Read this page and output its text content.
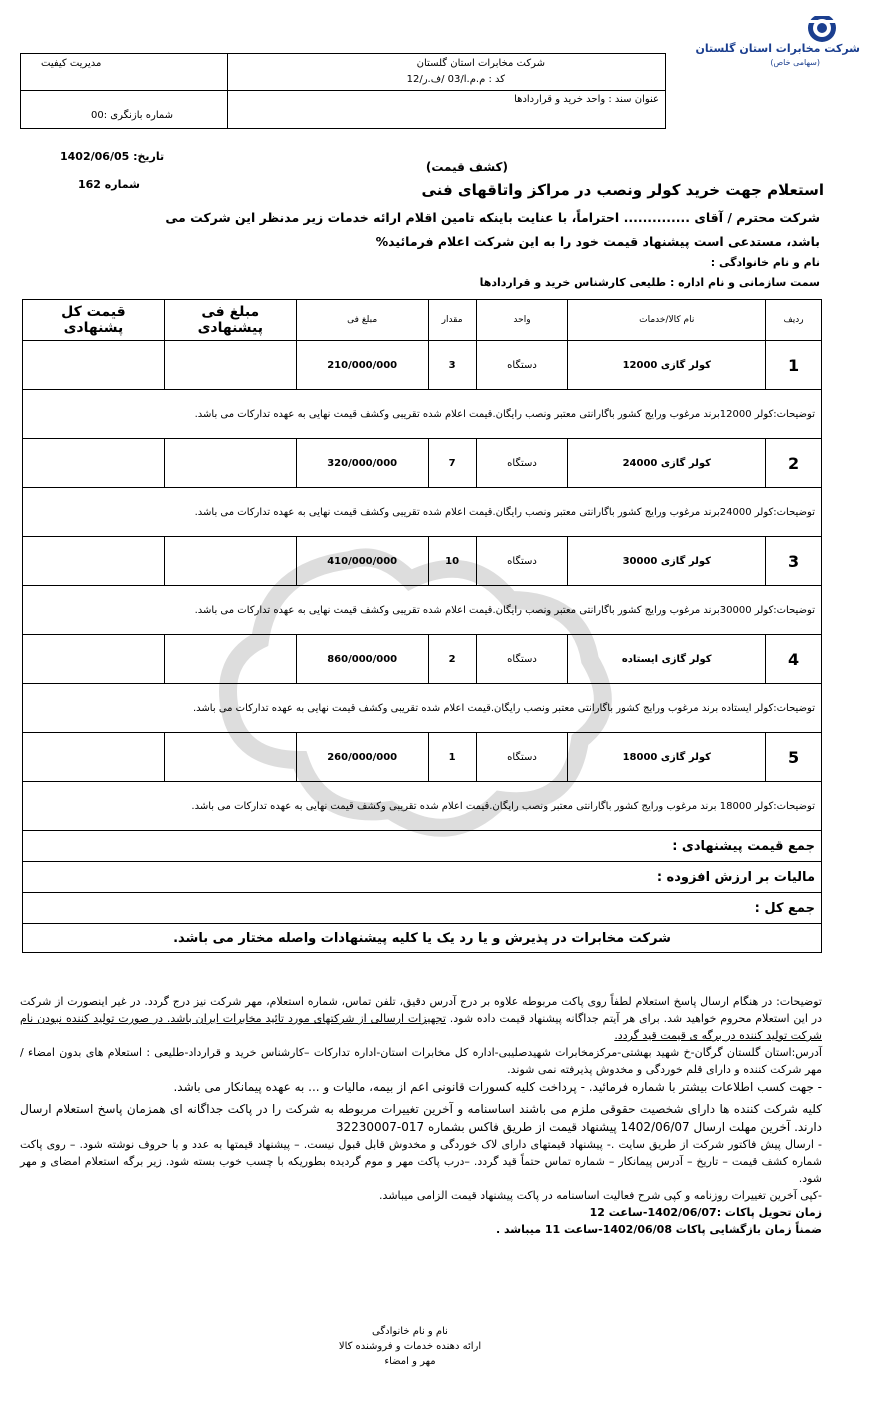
شرکت مخابرات استان گلستان
(سهامی خاص)
شرکت مخابرات استان گلستان
مدیریت کیفیت
کد : م.م.ا/03 /ف.ر/12
عنوان سند : واحد خرید و قراردادها
شماره بازنگری :00
تاریخ: 1402/06/05
شماره 162
(کشف قیمت)
استعلام جهت خرید کولر ونصب در مراکز واتاقهای فنی
شرکت محترم / آقای .............. احتراماً، با عنایت باینکه تامین اقلام ارائه خدمات زیر مدنظر این شرکت می
باشد، مستدعی است پیشنهاد قیمت خود را به این شرکت اعلام فرمائید%
نام و نام خانوادگی :
سمت سازمانی و نام اداره : طلیعی کارشناس خرید و قراردادها
ردیف	نام کالا/خدمات	واحد	مقدار	مبلغ فی	مبلغ فی پیشنهادی	قیمت کل پشنهادی
1	کولر گازی 12000	دستگاه	3	210/000/000		
توضیحات:کولر 12000برند مرغوب ورایج کشور باگارانتی معتبر ونصب رایگان.قیمت اعلام شده تقریبی وکشف قیمت نهایی به عهده تدارکات می باشد.						
2	کولر گازی 24000	دستگاه	7	320/000/000		
توضیحات:کولر 24000برند مرغوب ورایج کشور باگارانتی معتبر ونصب رایگان.قیمت اعلام شده تقریبی وکشف قیمت نهایی به عهده تدارکات می باشد.						
3	کولر گازی 30000	دستگاه	10	410/000/000		
توضیحات:کولر 30000برند مرغوب ورایج کشور باگارانتی معتبر ونصب رایگان.قیمت اعلام شده تقریبی وکشف قیمت نهایی به عهده تدارکات می باشد.						
4	کولر گازی ایستاده	دستگاه	2	860/000/000		
توضیحات:کولر ایستاده برند مرغوب ورایج کشور باگارانتی معتبر ونصب رایگان.قیمت اعلام شده تقریبی وکشف قیمت نهایی به عهده تدارکات می باشد.						
5	کولر گازی 18000	دستگاه	1	260/000/000		
توضیحات:کولر 18000 برند مرغوب ورایج کشور باگارانتی معتبر ونصب رایگان.قیمت اعلام شده تقریبی وکشف قیمت نهایی به عهده تدارکات می باشد.						
جمع قیمت پیشنهادی :						
مالیات بر ارزش افزوده :						
جمع کل :						
شرکت مخابرات در پذیرش و یا رد یک یا کلیه پیشنهادات واصله مختار می باشد.						

توضیحات: در هنگام ارسال پاسخ استعلام لطفاً روی پاکت مربوطه علاوه بر درج آدرس دقیق، تلفن تماس، شماره استعلام، مهر شرکت نیز درج گردد. در غیر اینصورت از شرکت در این استعلام محروم خواهید شد. برای هر آیتم جداگانه پیشنهاد قیمت داده شود. تجهیزات ارسالی از شرکتهای مورد تائید مخابرات ایران باشد. در صورت تولید کننده نبودن نام شرکت تولید کننده در برگه ی قیمت قید گردد.

آدرس:استان گلستان گرگان-خ شهید بهشتی-مرکزمخابرات شهیدصلیبی-اداره کل مخابرات استان-اداره تدارکات –کارشناس خرید و قرارداد-طلیعی : استعلام های بدون امضاء / مهر شرکت کننده و دارای قلم خوردگی و مخدوش پذیرفته نمی شوند.

- جهت کسب اطلاعات بیشتر با شماره فرمائید. - پرداخت کلیه کسورات قانونی اعم از بیمه، مالیات و ... به عهده پیمانکار می باشد.

کلیه شرکت کننده ها دارای شخصیت حقوقی ملزم می باشند اساسنامه و آخرین تغییرات مربوطه به شرکت را در پاکت جداگانه ای همزمان پاسخ استعلام ارسال دارند. آخرین مهلت ارسال 1402/06/07 پیشنهاد قیمت از طریق فاکس بشماره 017-32230007

- ارسال پیش فاکتور شرکت از طریق سایت .- پیشنهاد قیمتهای دارای لاک خوردگی و مخدوش قابل قبول نیست. – پیشنهاد قیمتها به عدد و با حروف نوشته شود. – روی پاکت شماره کشف قیمت – تاریخ – آدرس پیمانکار – شماره تماس حتماً قید گردد. –درب پاکت مهر و موم گردیده بطوریکه با چسب خوب بسته شود. زیر برگه استعلام امضای و مهر شود.

-کپی آخرین تغییرات روزنامه و کپی شرح فعالیت اساسنامه در پاکت پیشنهاد قیمت الزامی میباشد.

زمان تحویل پاکات :1402/06/07-ساعت 12

ضمناً زمان بازگشایی پاکات 1402/06/08-ساعت 11 میباشد .

نام و نام خانوادگی
ارائه دهنده خدمات و فروشنده کالا
مهر و امضاء
